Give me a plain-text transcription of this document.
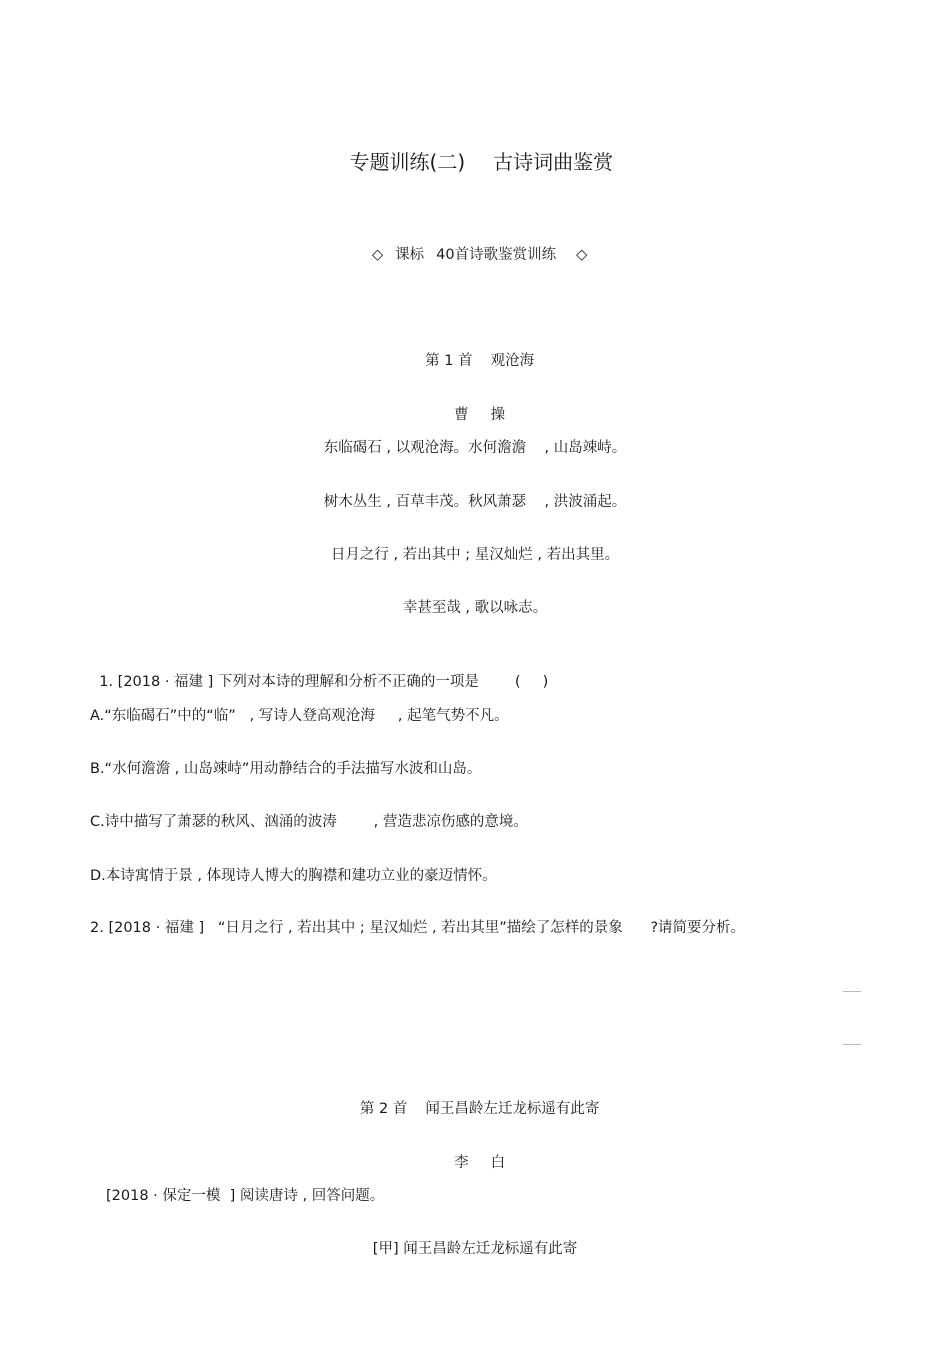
专题训练(二) 古诗词曲鉴赏

◇ 课标 40首诗歌鉴赏训练 ◇

第 1 首 观沧海

曹 操

东临碣石 , 以观沧海。水何澹澹    , 山岛竦峙。
树木丛生 , 百草丰茂。秋风萧瑟    , 洪波涌起。
日月之行 , 若出其中 ; 星汉灿烂 , 若出其里。
幸甚至哉 , 歌以咏志。

1. [2018 · 福建 ] 下列对本诗的理解和分析不正确的一项是 ( )

A.“东临碣石”中的“临”   , 写诗人登高观沧海     , 起笔气势不凡。
B.“水何澹澹 , 山岛竦峙”用动静结合的手法描写水波和山岛。
C.诗中描写了萧瑟的秋风、汹涌的波涛        , 营造悲凉伤感的意境。
D.本诗寓情于景 , 体现诗人博大的胸襟和建功立业的豪迈情怀。
2. [2018 · 福建 ]   “日月之行 , 若出其中 ; 星汉灿烂 , 若出其里”描绘了怎样的景象      ?请简要分析。

第 2 首 闻王昌龄左迁龙标遥有此寄

李 白

[2018 · 保定一模  ] 阅读唐诗 , 回答问题。
[甲] 闻王昌龄左迁龙标遥有此寄
